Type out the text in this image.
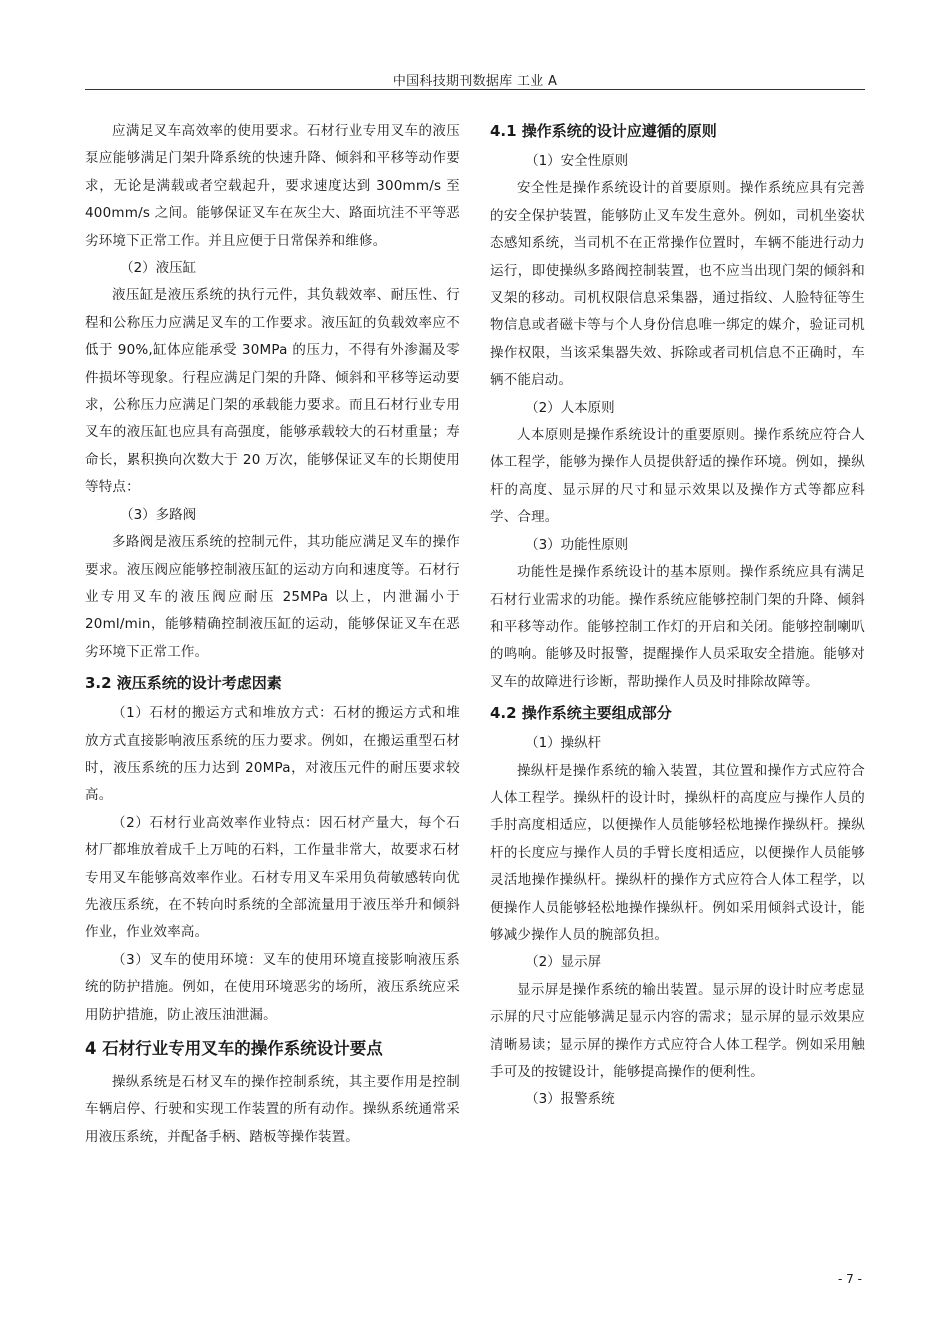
中国科技期刊数据库 工业 A

应满足叉车高效率的使用要求。石材行业专用叉车的液压泵应能够满足门架升降系统的快速升降、倾斜和平移等动作要求，无论是满载或者空载起升，要求速度达到 300mm/s 至 400mm/s 之间。能够保证叉车在灰尘大、路面坑洼不平等恶劣环境下正常工作。并且应便于日常保养和维修。

（2）液压缸

液压缸是液压系统的执行元件，其负载效率、耐压性、行程和公称压力应满足叉车的工作要求。液压缸的负载效率应不低于 90%,缸体应能承受 30MPa 的压力，不得有外渗漏及零件损坏等现象。行程应满足门架的升降、倾斜和平移等运动要求，公称压力应满足门架的承载能力要求。而且石材行业专用叉车的液压缸也应具有高强度，能够承载较大的石材重量；寿命长，累积换向次数大于 20 万次，能够保证叉车的长期使用等特点：

（3）多路阀

多路阀是液压系统的控制元件，其功能应满足叉车的操作要求。液压阀应能够控制液压缸的运动方向和速度等。石材行业专用叉车的液压阀应耐压 25MPa 以上，内泄漏小于 20ml/min，能够精确控制液压缸的运动，能够保证叉车在恶劣环境下正常工作。

3.2 液压系统的设计考虑因素

（1）石材的搬运方式和堆放方式：石材的搬运方式和堆放方式直接影响液压系统的压力要求。例如，在搬运重型石材时，液压系统的压力达到 20MPa，对液压元件的耐压要求较高。

（2）石材行业高效率作业特点：因石材产量大，每个石材厂都堆放着成千上万吨的石料，工作量非常大，故要求石材专用叉车能够高效率作业。石材专用叉车采用负荷敏感转向优先液压系统，在不转向时系统的全部流量用于液压举升和倾斜作业，作业效率高。

（3）叉车的使用环境：叉车的使用环境直接影响液压系统的防护措施。例如，在使用环境恶劣的场所，液压系统应采用防护措施，防止液压油泄漏。

4 石材行业专用叉车的操作系统设计要点

操纵系统是石材叉车的操作控制系统，其主要作用是控制车辆启停、行驶和实现工作装置的所有动作。操纵系统通常采用液压系统，并配备手柄、踏板等操作装置。

4.1 操作系统的设计应遵循的原则

（1）安全性原则

安全性是操作系统设计的首要原则。操作系统应具有完善的安全保护装置，能够防止叉车发生意外。例如，司机坐姿状态感知系统，当司机不在正常操作位置时，车辆不能进行动力运行，即使操纵多路阀控制装置，也不应当出现门架的倾斜和叉架的移动。司机权限信息采集器，通过指纹、人脸特征等生物信息或者磁卡等与个人身份信息唯一绑定的媒介，验证司机操作权限，当该采集器失效、拆除或者司机信息不正确时，车辆不能启动。

（2）人本原则

人本原则是操作系统设计的重要原则。操作系统应符合人体工程学，能够为操作人员提供舒适的操作环境。例如，操纵杆的高度、显示屏的尺寸和显示效果以及操作方式等都应科学、合理。

（3）功能性原则

功能性是操作系统设计的基本原则。操作系统应具有满足石材行业需求的功能。操作系统应能够控制门架的升降、倾斜和平移等动作。能够控制工作灯的开启和关闭。能够控制喇叭的鸣响。能够及时报警，提醒操作人员采取安全措施。能够对叉车的故障进行诊断，帮助操作人员及时排除故障等。

4.2 操作系统主要组成部分

（1）操纵杆

操纵杆是操作系统的输入装置，其位置和操作方式应符合人体工程学。操纵杆的设计时，操纵杆的高度应与操作人员的手肘高度相适应，以便操作人员能够轻松地操作操纵杆。操纵杆的长度应与操作人员的手臂长度相适应，以便操作人员能够灵活地操作操纵杆。操纵杆的操作方式应符合人体工程学，以便操作人员能够轻松地操作操纵杆。例如采用倾斜式设计，能够减少操作人员的腕部负担。

（2）显示屏

显示屏是操作系统的输出装置。显示屏的设计时应考虑显示屏的尺寸应能够满足显示内容的需求；显示屏的显示效果应清晰易读；显示屏的操作方式应符合人体工程学。例如采用触手可及的按键设计，能够提高操作的便利性。

（3）报警系统

- 7 -
